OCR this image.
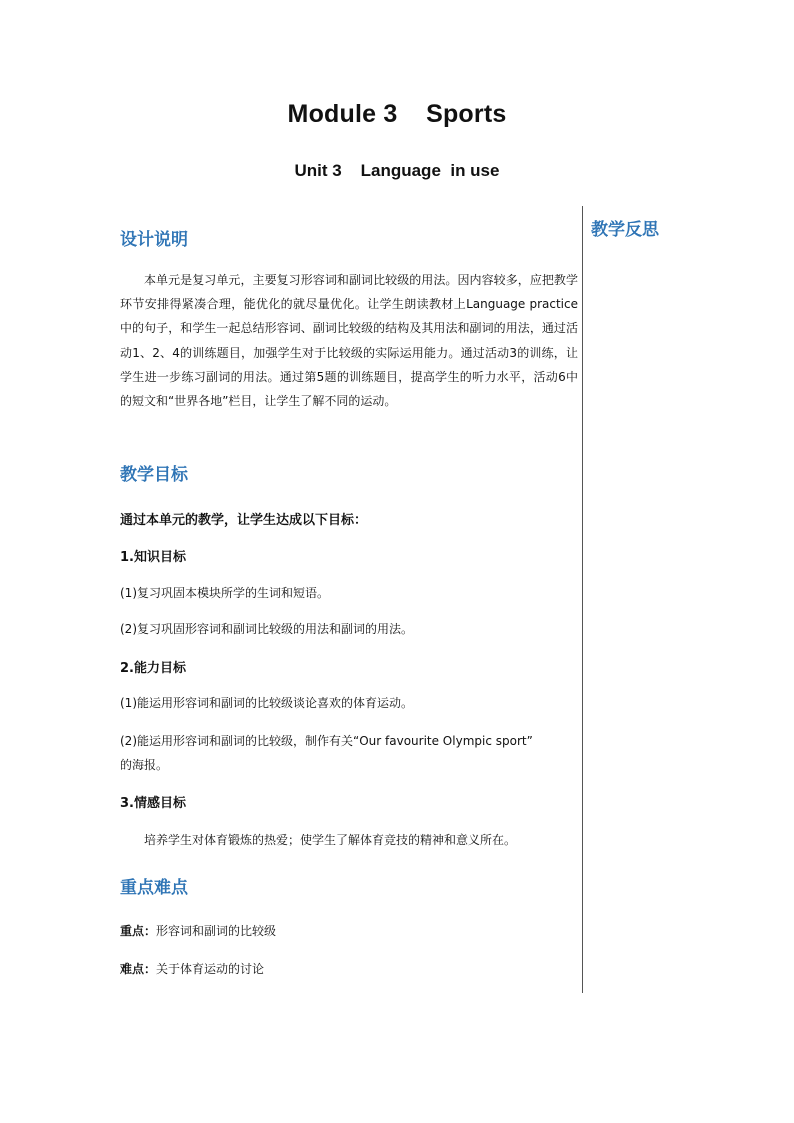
Module 3    Sports
Unit 3    Language  in use
教学反思
设计说明
本单元是复习单元，主要复习形容词和副词比较级的用法。因内容较多，应把教学环节安排得紧凑合理，能优化的就尽量优化。让学生朗读教材上Language practice中的句子，和学生一起总结形容词、副词比较级的结构及其用法和副词的用法，通过活动1、2、4的训练题目，加强学生对于比较级的实际运用能力。通过活动3的训练，让学生进一步练习副词的用法。通过第5题的训练题目，提高学生的听力水平，活动6中的短文和“世界各地”栏目，让学生了解不同的运动。
教学目标
通过本单元的教学，让学生达成以下目标：
1.知识目标
(1)复习巩固本模块所学的生词和短语。
(2)复习巩固形容词和副词比较级的用法和副词的用法。
2.能力目标
(1)能运用形容词和副词的比较级谈论喜欢的体育运动。
(2)能运用形容词和副词的比较级，制作有关“Our favourite Olympic sport”
的海报。
3.情感目标
培养学生对体育锻炼的热爱；使学生了解体育竞技的精神和意义所在。
重点难点
重点：形容词和副词的比较级
难点：关于体育运动的讨论
